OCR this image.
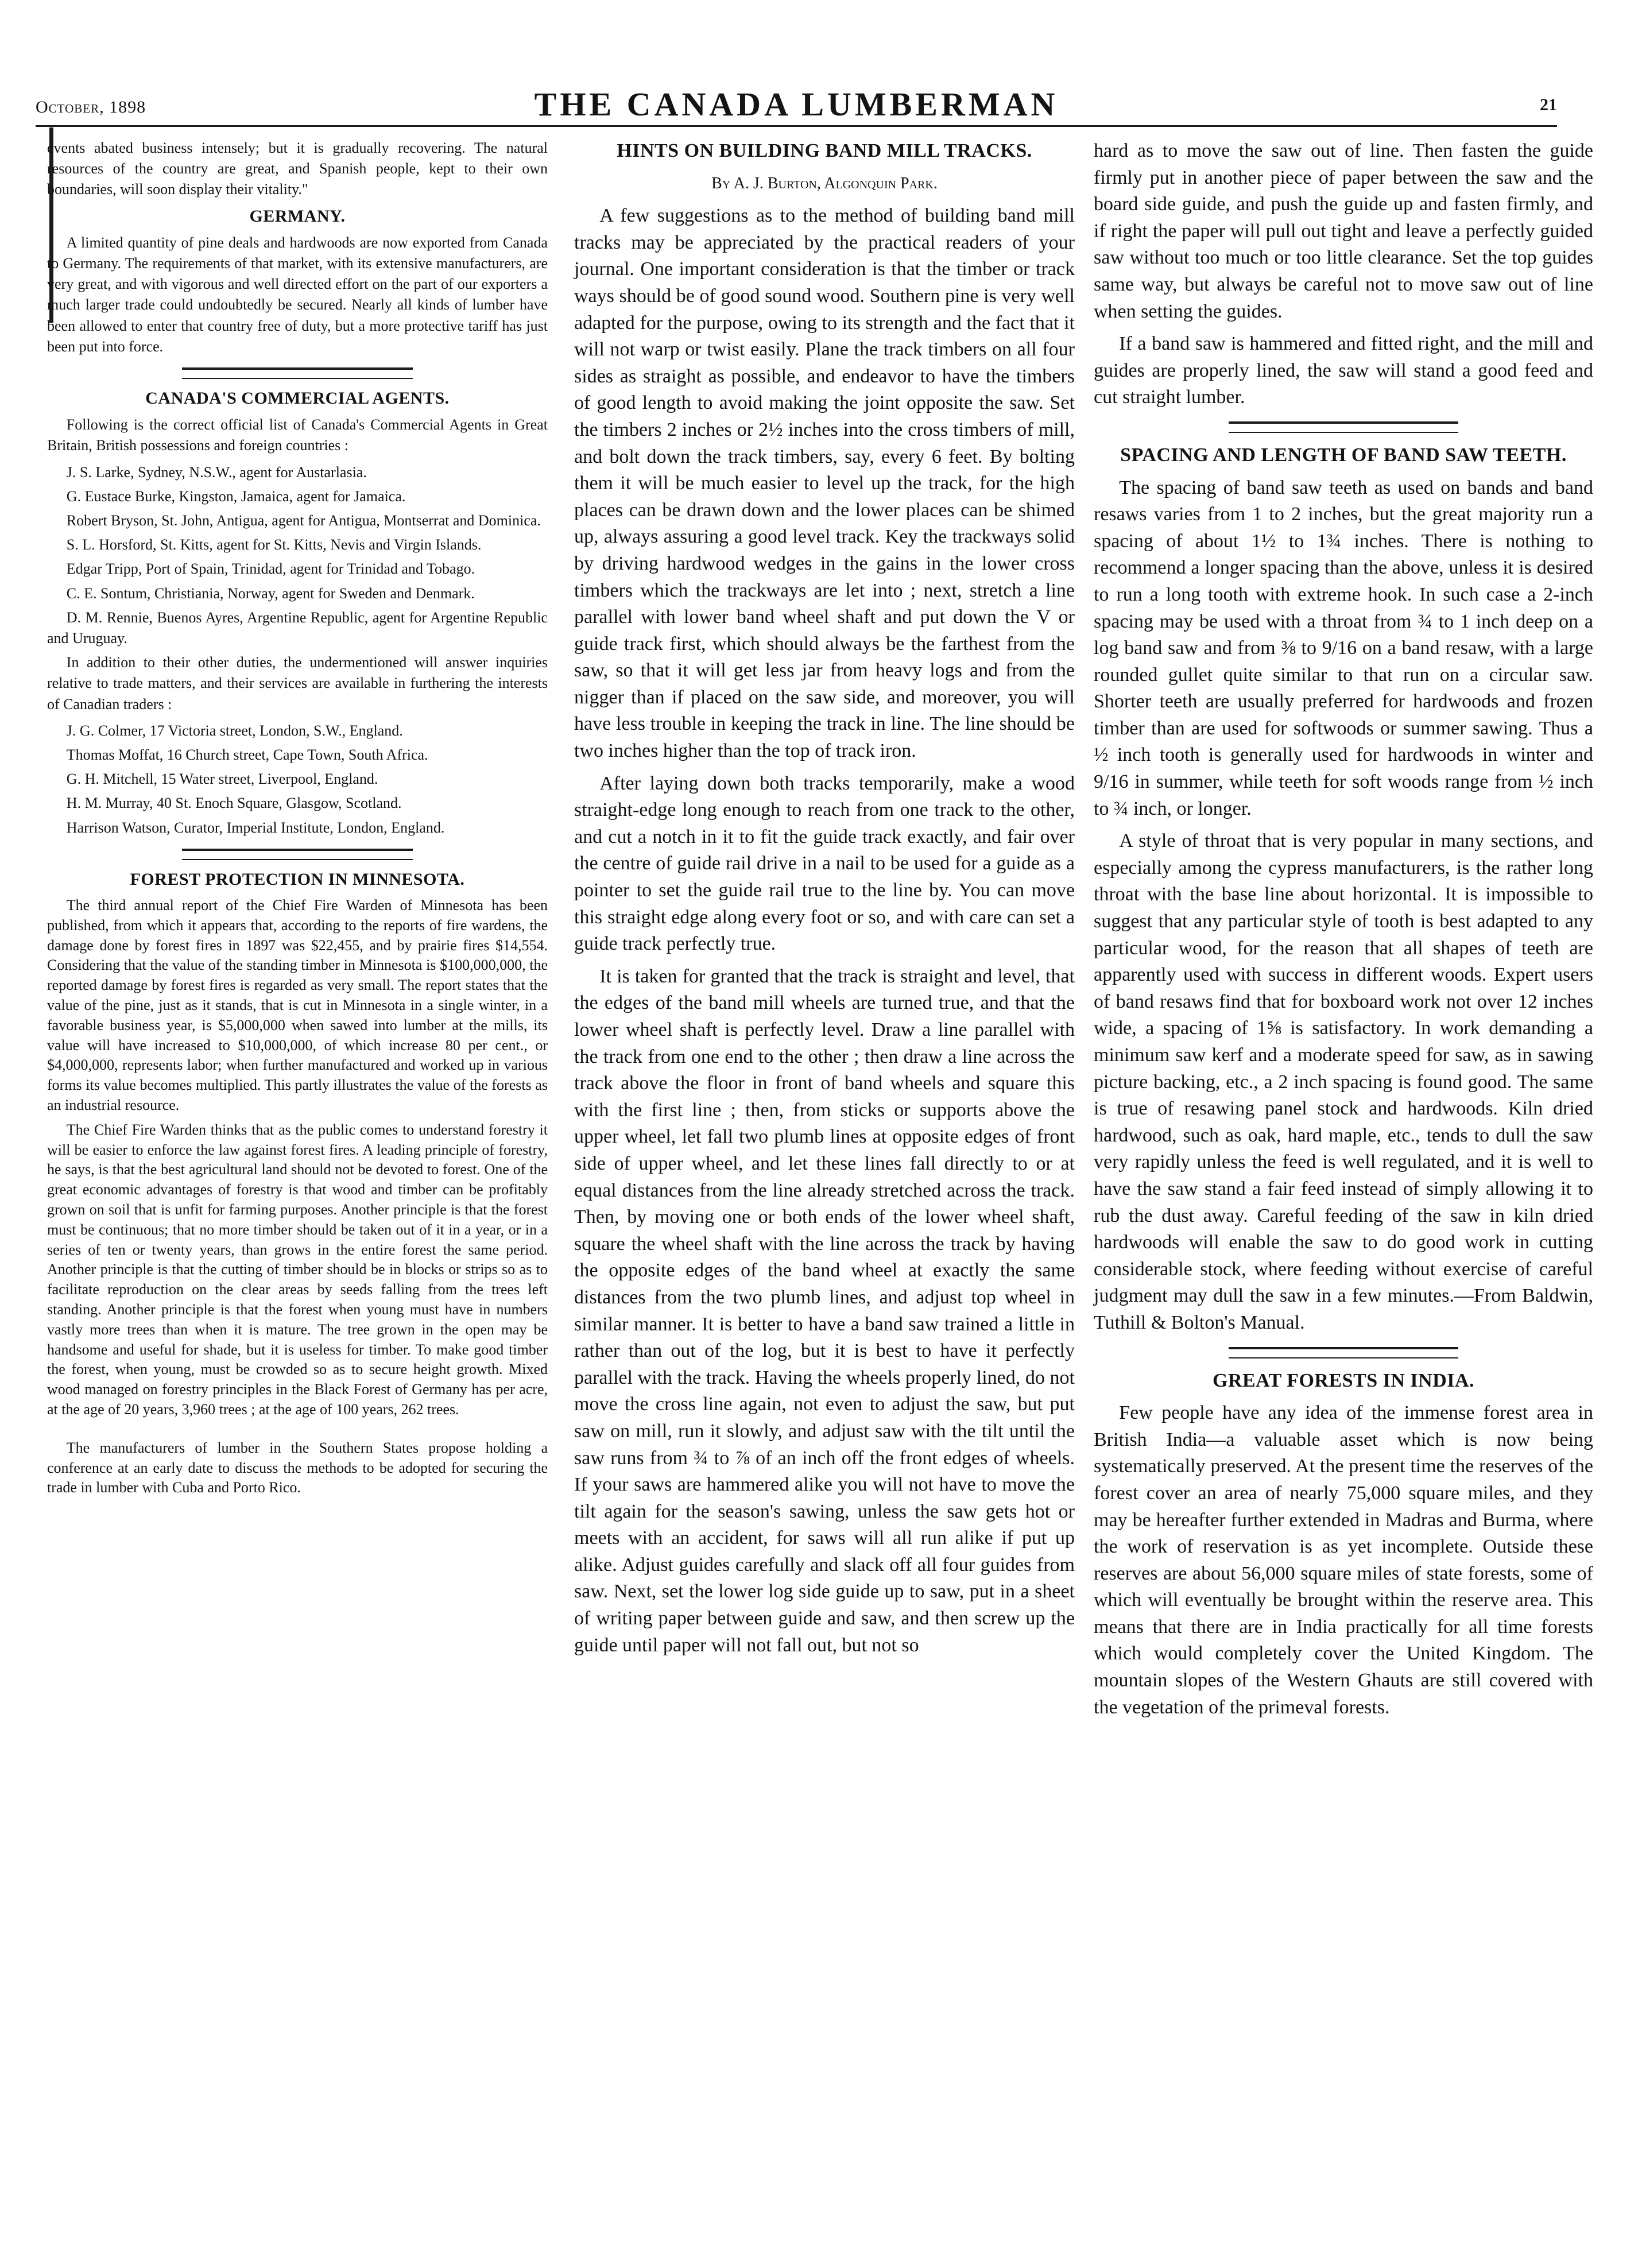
October, 1898	THE CANADA LUMBERMAN	21

events abated business intensely; but it is gradually recovering. The natural resources of the country are great, and Spanish people, kept to their own boundaries, will soon display their vitality."

GERMANY.

A limited quantity of pine deals and hardwoods are now exported from Canada to Germany. The requirements of that market, with its extensive manufacturers, are very great, and with vigorous and well directed effort on the part of our exporters a much larger trade could undoubtedly be secured. Nearly all kinds of lumber have been allowed to enter that country free of duty, but a more protective tariff has just been put into force.

CANADA'S COMMERCIAL AGENTS.

Following is the correct official list of Canada's Commercial Agents in Great Britain, British possessions and foreign countries :

J. S. Larke, Sydney, N.S.W., agent for Austarlasia.

G. Eustace Burke, Kingston, Jamaica, agent for Jamaica.

Robert Bryson, St. John, Antigua, agent for Antigua, Montserrat and Dominica.

S. L. Horsford, St. Kitts, agent for St. Kitts, Nevis and Virgin Islands.

Edgar Tripp, Port of Spain, Trinidad, agent for Trinidad and Tobago.

C. E. Sontum, Christiania, Norway, agent for Sweden and Denmark.

D. M. Rennie, Buenos Ayres, Argentine Republic, agent for Argentine Republic and Uruguay.

In addition to their other duties, the undermentioned will answer inquiries relative to trade matters, and their services are available in furthering the interests of Canadian traders :

J. G. Colmer, 17 Victoria street, London, S.W., England.

Thomas Moffat, 16 Church street, Cape Town, South Africa.

G. H. Mitchell, 15 Water street, Liverpool, England.

H. M. Murray, 40 St. Enoch Square, Glasgow, Scotland.

Harrison Watson, Curator, Imperial Institute, London, England.

FOREST PROTECTION IN MINNESOTA.

The third annual report of the Chief Fire Warden of Minnesota has been published, from which it appears that, according to the reports of fire wardens, the damage done by forest fires in 1897 was $22,455, and by prairie fires $14,554. Considering that the value of the standing timber in Minnesota is $100,000,000, the reported damage by forest fires is regarded as very small. The report states that the value of the pine, just as it stands, that is cut in Minnesota in a single winter, in a favorable business year, is $5,000,000 when sawed into lumber at the mills, its value will have increased to $10,000,000, of which increase 80 per cent., or $4,000,000, represents labor; when further manufactured and worked up in various forms its value becomes multiplied. This partly illustrates the value of the forests as an industrial resource.

The Chief Fire Warden thinks that as the public comes to understand forestry it will be easier to enforce the law against forest fires. A leading principle of forestry, he says, is that the best agricultural land should not be devoted to forest. One of the great economic advantages of forestry is that wood and timber can be profitably grown on soil that is unfit for farming purposes. Another principle is that the forest must be continuous; that no more timber should be taken out of it in a year, or in a series of ten or twenty years, than grows in the entire forest the same period. Another principle is that the cutting of timber should be in blocks or strips so as to facilitate reproduction on the clear areas by seeds falling from the trees left standing. Another principle is that the forest when young must have in numbers vastly more trees than when it is mature. The tree grown in the open may be handsome and useful for shade, but it is useless for timber. To make good timber the forest, when young, must be crowded so as to secure height growth. Mixed wood managed on forestry principles in the Black Forest of Germany has per acre, at the age of 20 years, 3,960 trees ; at the age of 100 years, 262 trees.

The manufacturers of lumber in the Southern States propose holding a conference at an early date to discuss the methods to be adopted for securing the trade in lumber with Cuba and Porto Rico.

HINTS ON BUILDING BAND MILL TRACKS.
By A. J. Burton, Algonquin Park.

A few suggestions as to the method of building band mill tracks may be appreciated by the practical readers of your journal. One important consideration is that the timber or track ways should be of good sound wood. Southern pine is very well adapted for the purpose, owing to its strength and the fact that it will not warp or twist easily. Plane the track timbers on all four sides as straight as possible, and endeavor to have the timbers of good length to avoid making the joint opposite the saw. Set the timbers 2 inches or 2½ inches into the cross timbers of mill, and bolt down the track timbers, say, every 6 feet. By bolting them it will be much easier to level up the track, for the high places can be drawn down and the lower places can be shimed up, always assuring a good level track. Key the trackways solid by driving hardwood wedges in the gains in the lower cross timbers which the trackways are let into ; next, stretch a line parallel with lower band wheel shaft and put down the V or guide track first, which should always be the farthest from the saw, so that it will get less jar from heavy logs and from the nigger than if placed on the saw side, and moreover, you will have less trouble in keeping the track in line. The line should be two inches higher than the top of track iron.

After laying down both tracks temporarily, make a wood straight-edge long enough to reach from one track to the other, and cut a notch in it to fit the guide track exactly, and fair over the centre of guide rail drive in a nail to be used for a guide as a pointer to set the guide rail true to the line by. You can move this straight edge along every foot or so, and with care can set a guide track perfectly true.

It is taken for granted that the track is straight and level, that the edges of the band mill wheels are turned true, and that the lower wheel shaft is perfectly level. Draw a line parallel with the track from one end to the other ; then draw a line across the track above the floor in front of band wheels and square this with the first line ; then, from sticks or supports above the upper wheel, let fall two plumb lines at opposite edges of front side of upper wheel, and let these lines fall directly to or at equal distances from the line already stretched across the track. Then, by moving one or both ends of the lower wheel shaft, square the wheel shaft with the line across the track by having the opposite edges of the band wheel at exactly the same distances from the two plumb lines, and adjust top wheel in similar manner. It is better to have a band saw trained a little in rather than out of the log, but it is best to have it perfectly parallel with the track. Having the wheels properly lined, do not move the cross line again, not even to adjust the saw, but put saw on mill, run it slowly, and adjust saw with the tilt until the saw runs from ¾ to ⅞ of an inch off the front edges of wheels. If your saws are hammered alike you will not have to move the tilt again for the season's sawing, unless the saw gets hot or meets with an accident, for saws will all run alike if put up alike. Adjust guides carefully and slack off all four guides from saw. Next, set the lower log side guide up to saw, put in a sheet of writing paper between guide and saw, and then screw up the guide until paper will not fall out, but not so

hard as to move the saw out of line. Then fasten the guide firmly put in another piece of paper between the saw and the board side guide, and push the guide up and fasten firmly, and if right the paper will pull out tight and leave a perfectly guided saw without too much or too little clearance. Set the top guides same way, but always be careful not to move saw out of line when setting the guides.

If a band saw is hammered and fitted right, and the mill and guides are properly lined, the saw will stand a good feed and cut straight lumber.

SPACING AND LENGTH OF BAND SAW TEETH.

The spacing of band saw teeth as used on bands and band resaws varies from 1 to 2 inches, but the great majority run a spacing of about 1½ to 1¾ inches. There is nothing to recommend a longer spacing than the above, unless it is desired to run a long tooth with extreme hook. In such case a 2-inch spacing may be used with a throat from ¾ to 1 inch deep on a log band saw and from ⅜ to 9/16 on a band resaw, with a large rounded gullet quite similar to that run on a circular saw. Shorter teeth are usually preferred for hardwoods and frozen timber than are used for softwoods or summer sawing. Thus a ½ inch tooth is generally used for hardwoods in winter and 9/16 in summer, while teeth for soft woods range from ½ inch to ¾ inch, or longer.

A style of throat that is very popular in many sections, and especially among the cypress manufacturers, is the rather long throat with the base line about horizontal. It is impossible to suggest that any particular style of tooth is best adapted to any particular wood, for the reason that all shapes of teeth are apparently used with success in different woods. Expert users of band resaws find that for boxboard work not over 12 inches wide, a spacing of 1⅝ is satisfactory. In work demanding a minimum saw kerf and a moderate speed for saw, as in sawing picture backing, etc., a 2 inch spacing is found good. The same is true of resawing panel stock and hardwoods. Kiln dried hardwood, such as oak, hard maple, etc., tends to dull the saw very rapidly unless the feed is well regulated, and it is well to have the saw stand a fair feed instead of simply allowing it to rub the dust away. Careful feeding of the saw in kiln dried hardwoods will enable the saw to do good work in cutting considerable stock, where feeding without exercise of careful judgment may dull the saw in a few minutes.—From Baldwin, Tuthill & Bolton's Manual.

GREAT FORESTS IN INDIA.

Few people have any idea of the immense forest area in British India—a valuable asset which is now being systematically preserved. At the present time the reserves of the forest cover an area of nearly 75,000 square miles, and they may be hereafter further extended in Madras and Burma, where the work of reservation is as yet incomplete. Outside these reserves are about 56,000 square miles of state forests, some of which will eventually be brought within the reserve area. This means that there are in India practically for all time forests which would completely cover the United Kingdom. The mountain slopes of the Western Ghauts are still covered with the vegetation of the primeval forests.
